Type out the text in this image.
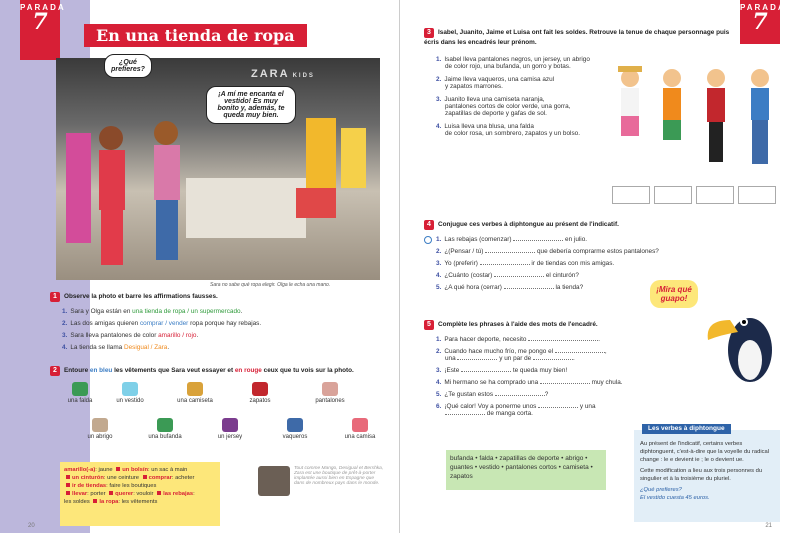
PARADA
7
En una tienda de ropa
ZARA KIDS
¿Qué prefieres?
¡A mí me encanta el vestido! Es muy bonito y, además, te queda muy bien.
Sara no sabe qué ropa elegir. Olga le echa una mano.
1 Observe la photo et barre les affirmations fausses.
1. Sara y Olga están en una tienda de ropa / un supermercado.
2. Las dos amigas quieren comprar / vender ropa porque hay rebajas.
3. Sara lleva pantalones de color amarillo / rojo.
4. La tienda se llama Desigual / Zara.
2 Entoure en bleu les vêtements que Sara veut essayer et en rouge ceux que tu vois sur la photo.
una falda	un vestido	una camiseta	zapatos	pantalones
un abrigo	una bufanda	un jersey	vaqueros	una camisa
amarillo(-a): jaune un bolsín: un sac à main
un cinturón: une ceinture comprar: acheter
ir de tiendas: faire les boutiques
llevar: porter querer: vouloir las rebajas:
les soldes la ropa: les vêtements
Tout comme Mango, Desigual et Bershka, Zara est une boutique de prêt-à-porter implantée aussi bien en Espagne que dans de nombreux pays dans le monde.
20
PARADA
7
3 Isabel, Juanito, Jaime et Luisa ont fait les soldes. Retrouve la tenue de chaque personnage puis écris dans les encadrés leur prénom.
1. Isabel lleva pantalones negros, un jersey, un abrigo
de color rojo, una bufanda, un gorro y botas.
2. Jaime lleva vaqueros, una camisa azul
y zapatos marrones.
3. Juanito lleva una camiseta naranja,
pantalones cortos de color verde, una gorra,
zapatillas de deporte y gafas de sol.
4. Luisa lleva una blusa, una falda
de color rosa, un sombrero, zapatos y un bolso.
4 Conjugue ces verbes à diphtongue au présent de l'indicatif.
1. Las rebajas (comenzar)	en julio.
2. ¿(Pensar / tú)	que debería comprarme estos pantalones?
3. Yo (preferir)	ir de tiendas con mis amigas.
4. ¿Cuánto (costar)	el cinturón?
5. ¿A qué hora (cerrar)	la tienda?	¡Mira qué guapo!
5 Complète les phrases à l'aide des mots de l'encadré.
1. Para hacer deporte, necesito	.
2. Cuando hace mucho frío, me pongo el	,
una	y un par de	.
3. ¡Este	te queda muy bien!
4. Mi hermano se ha comprado una	muy chula.
5. ¿Te gustan estos	?
6. ¡Qué calor! Voy a ponerme unos	y una
de manga corta.
bufanda • falda • zapatillas de deporte • abrigo • guantes • vestido • pantalones cortos • camiseta • zapatos
Les verbes à diphtongue

Au présent de l'indicatif, certains verbes diphtonguent, c'est-à-dire que la voyelle du radical change : le e devient ie ; le o devient ue.

Cette modification a lieu aux trois personnes du singulier et à la troisième du pluriel.

¿Qué prefieres?
El vestido cuesta 45 euros.
21
